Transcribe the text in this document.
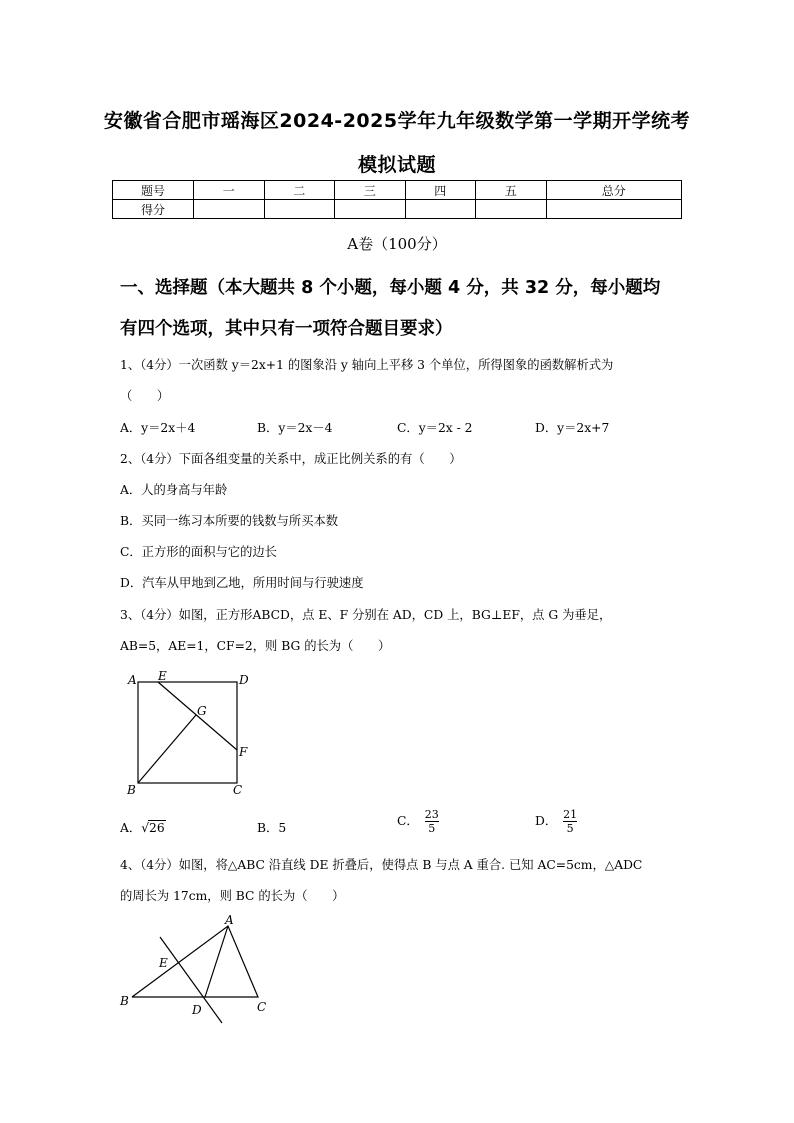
安徽省合肥市瑶海区2024-2025学年九年级数学第一学期开学统考
模拟试题
题号	一	二	三	四	五	总分
得分						
A卷（100分）
一、选择题（本大题共 8 个小题，每小题 4 分，共 32 分，每小题均
有四个选项，其中只有一项符合题目要求）
1、（4分）一次函数 y＝2x+1 的图象沿 y 轴向上平移 3 个单位，所得图象的函数解析式为
（　　）
A．y＝2x＋4	B．y＝2x－4	C．y＝2x - 2	D．y＝2x+7
2、（4分）下面各组变量的关系中，成正比例关系的有（　　）
A．人的身高与年龄
B．买同一练习本所要的钱数与所买本数
C．正方形的面积与它的边长
D．汽车从甲地到乙地，所用时间与行驶速度
3、（4分）如图，正方形ABCD，点 E、F 分别在 AD，CD 上，BG⊥EF，点 G 为垂足，
AB=5，AE=1，CF=2，则 BG 的长为（　　）
A E	D
G
F
B	C
A．√26	B．5	C． $\frac{23}{5}$	D． $\frac{21}{5}$
4、（4分）如图，将△ABC 沿直线 DE 折叠后，使得点 B 与点 A 重合. 已知 AC=5cm，△ADC
的周长为 17cm，则 BC 的长为（　　）
A
E
B
D	C
